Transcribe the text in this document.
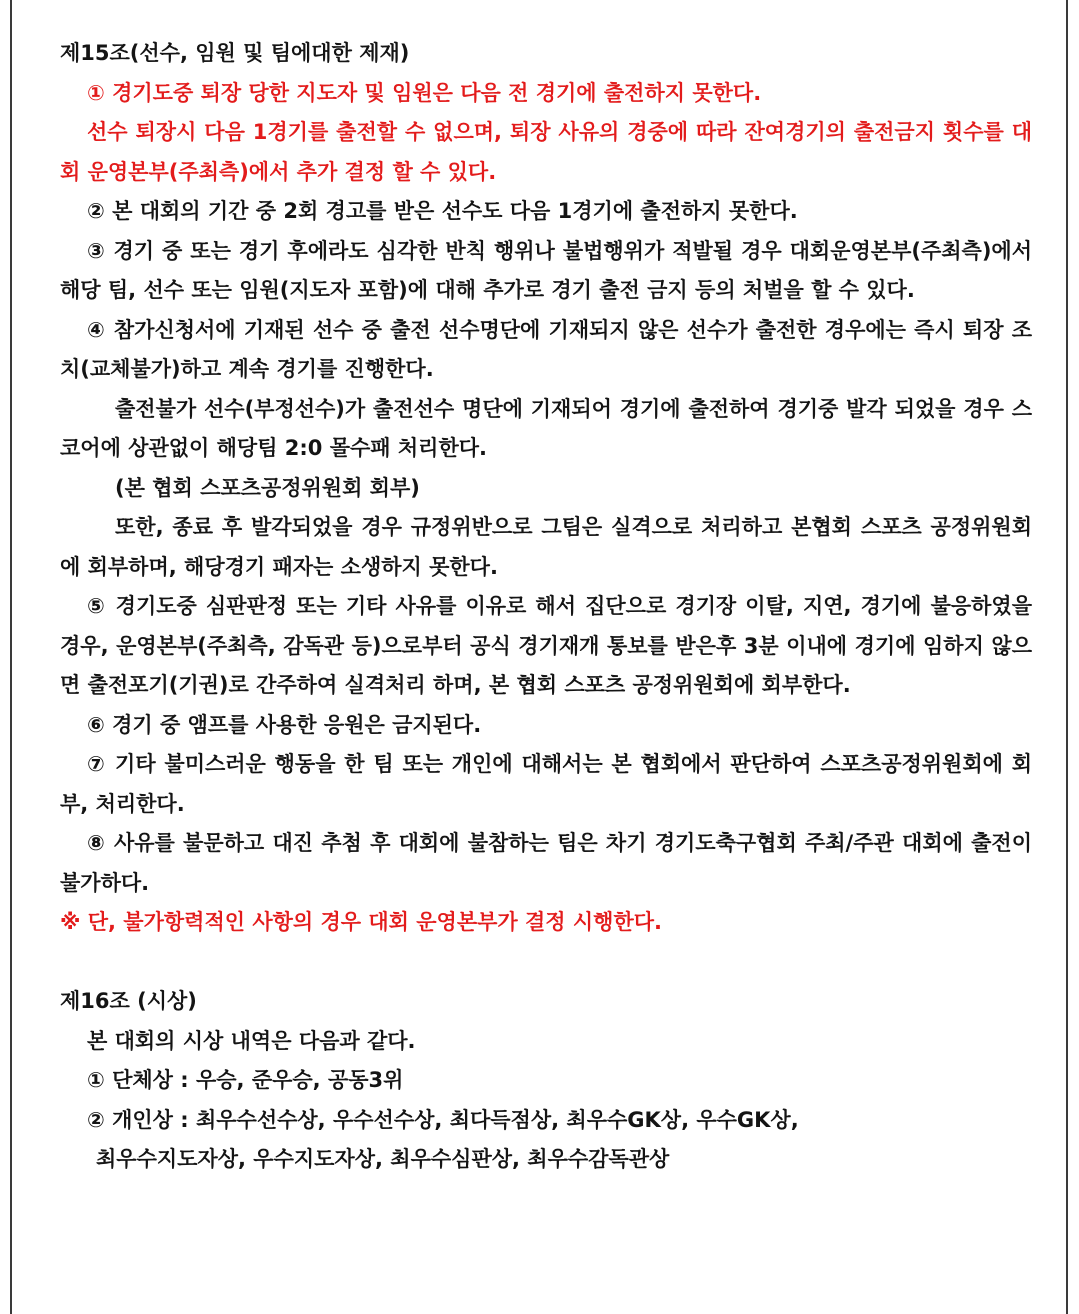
제15조(선수, 임원 및 팀에대한 제재)

① 경기도중 퇴장 당한 지도자 및 임원은 다음 전 경기에 출전하지 못한다.

선수 퇴장시 다음 1경기를 출전할 수 없으며, 퇴장 사유의 경중에 따라 잔여경기의 출전금지 횟수를 대회 운영본부(주최측)에서 추가 결정 할 수 있다.

② 본 대회의 기간 중 2회 경고를 받은 선수도 다음 1경기에 출전하지 못한다.

③ 경기 중 또는 경기 후에라도 심각한 반칙 행위나 불법행위가 적발될 경우 대회운영본부(주최측)에서 해당 팀, 선수 또는 임원(지도자 포함)에 대해 추가로 경기 출전 금지 등의 처벌을 할 수 있다.

④ 참가신청서에 기재된 선수 중 출전 선수명단에 기재되지 않은 선수가 출전한 경우에는 즉시 퇴장 조치(교체불가)하고 계속 경기를 진행한다.

출전불가 선수(부정선수)가 출전선수 명단에 기재되어 경기에 출전하여 경기중 발각 되었을 경우 스코어에 상관없이 해당팀 2:0 몰수패 처리한다.

(본 협회 스포츠공정위원회 회부)

또한, 종료 후 발각되었을 경우 규정위반으로 그팀은 실격으로 처리하고 본협회 스포츠 공정위원회에 회부하며, 해당경기 패자는 소생하지 못한다.

⑤ 경기도중 심판판정 또는 기타 사유를 이유로 해서 집단으로 경기장 이탈, 지연, 경기에 불응하였을 경우, 운영본부(주최측, 감독관 등)으로부터 공식 경기재개 통보를 받은후 3분 이내에 경기에 임하지 않으면 출전포기(기권)로 간주하여 실격처리 하며, 본 협회 스포츠 공정위원회에 회부한다.

⑥ 경기 중 앰프를 사용한 응원은 금지된다.

⑦ 기타 불미스러운 행동을 한 팀 또는 개인에 대해서는 본 협회에서 판단하여 스포츠공정위원회에 회부, 처리한다.

⑧ 사유를 불문하고 대진 추첨 후 대회에 불참하는 팀은 차기 경기도축구협회 주최/주관 대회에 출전이 불가하다.

※ 단, 불가항력적인 사항의 경우 대회 운영본부가 결정 시행한다.

제16조 (시상)

본 대회의 시상 내역은 다음과 같다.

① 단체상 : 우승, 준우승, 공동3위

② 개인상 : 최우수선수상, 우수선수상, 최다득점상, 최우수GK상, 우수GK상,

최우수지도자상, 우수지도자상, 최우수심판상, 최우수감독관상
